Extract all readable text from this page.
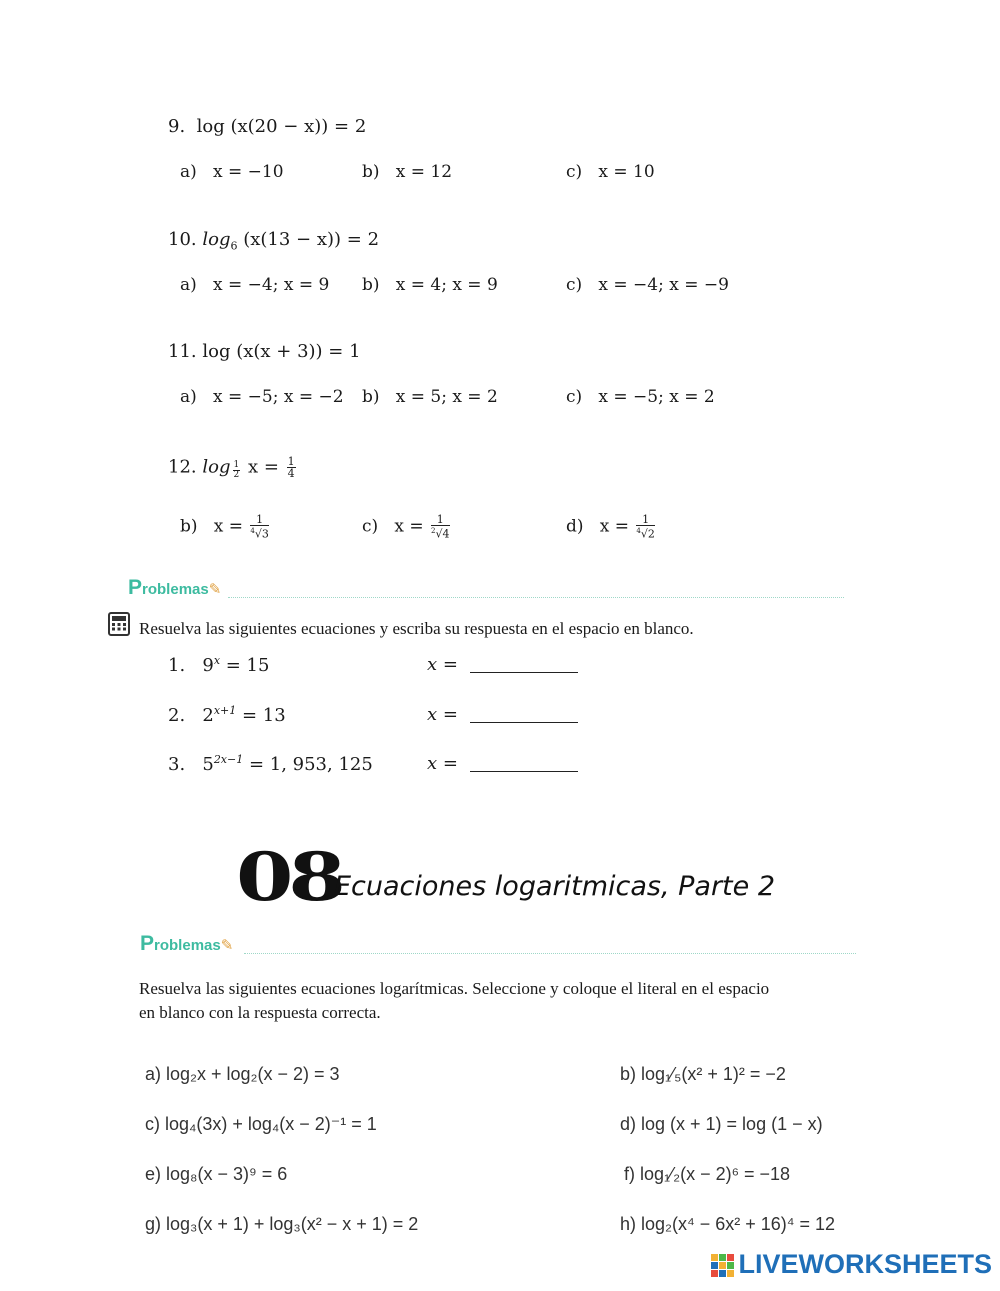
9. log (x(20 − x)) = 2
a) x = −10	b) x = 12	c) x = 10
10. $\log_6 (x(13 - x)) = 2$
a) x = −4; x = 9 b) x = 4; x = 9	c) x = −4; x = −9
11. log (x(x + 3)) = 1
a) x = −5; x = −2 b) x = 5; x = 2	c) x = −5; x = 2
12. $\log \frac{1}{2}$ $x = \frac{1}{4}$
b) $x = \frac{1}{^4√3}$	c) $x = \frac{1}{^2√4}$	d) $x = \frac{1}{^4√2}$
Problemas✎
Resuelva las siguientes ecuaciones y escriba su respuesta en el espacio en blanco.
1. $9^x = 15$	x =
2. $2^{x+1} = 13$	x =
3. $5^{2x-1} = 1$, 953, 125	x =
08
Ecuaciones logaritmicas, Parte 2
Problemas✎
Resuelva las siguientes ecuaciones logarítmicas. Seleccione y coloque el literal en el espacio
en blanco con la respuesta correcta.
a) log₂x + log₂(x − 2) = 3	b) log₁⁄₅(x² + 1)² = −2
c) log₄(3x) + log₄(x − 2)⁻¹ = 1	d) log (x + 1) = log (1 − x)
e) log₈(x − 3)⁹ = 6	f) log₁⁄₂(x − 2)⁶ = −18
g) log₃(x + 1) + log₃(x² − x + 1) = 2	h) log₂(x⁴ − 6x² + 16)⁴ = 12
LIVEWORKSHEETS
